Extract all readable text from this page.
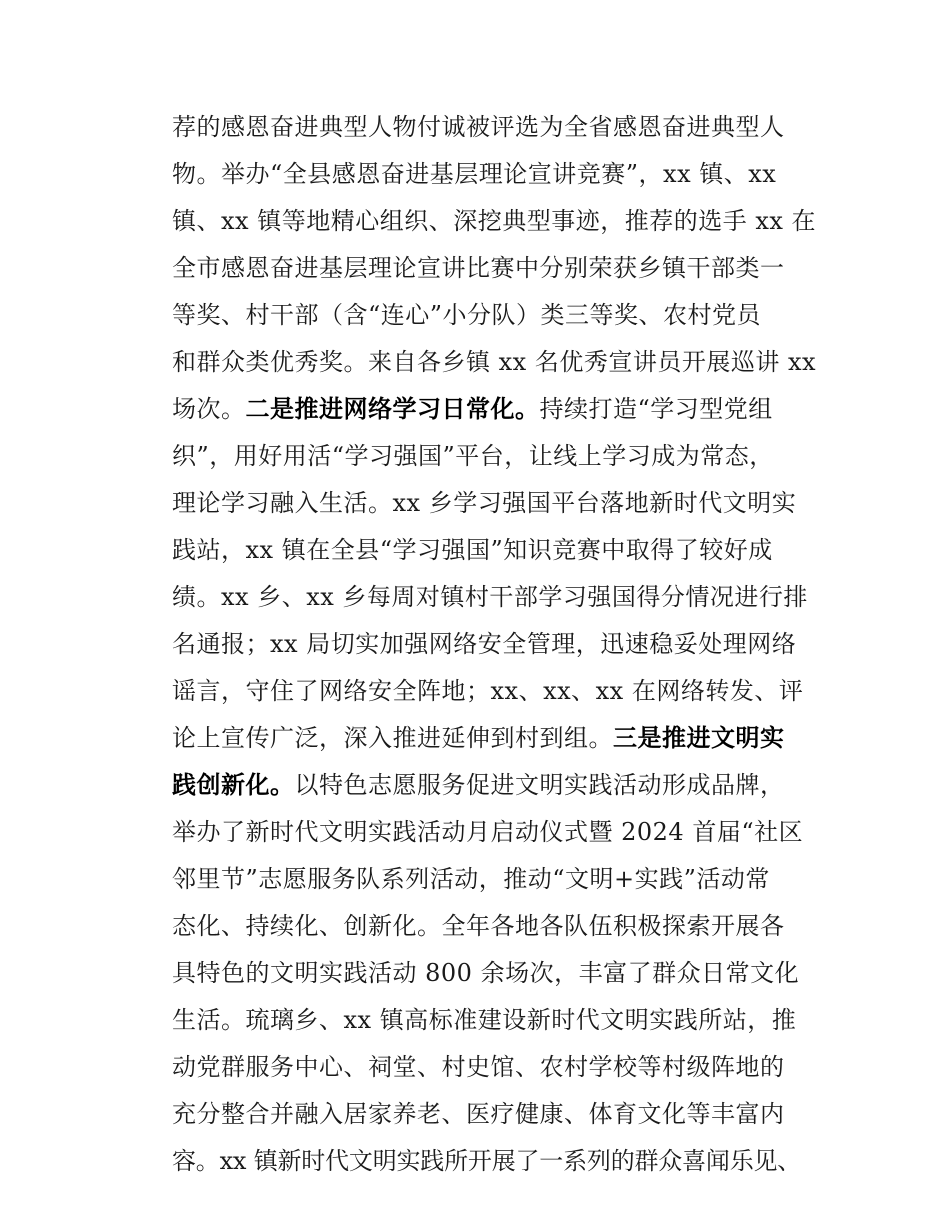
荐的感恩奋进典型人物付诚被评选为全省感恩奋进典型人
物。举办“全县感恩奋进基层理论宣讲竞赛”，xx 镇、xx
镇、xx 镇等地精心组织、深挖典型事迹，推荐的选手 xx 在
全市感恩奋进基层理论宣讲比赛中分别荣获乡镇干部类一
等奖、村干部（含“连心”小分队）类三等奖、农村党员
和群众类优秀奖。来自各乡镇 xx 名优秀宣讲员开展巡讲 xx
场次。二是推进网络学习日常化。持续打造“学习型党组
织”，用好用活“学习强国”平台，让线上学习成为常态，
理论学习融入生活。xx 乡学习强国平台落地新时代文明实
践站，xx 镇在全县“学习强国”知识竞赛中取得了较好成
绩。xx 乡、xx 乡每周对镇村干部学习强国得分情况进行排
名通报；xx 局切实加强网络安全管理，迅速稳妥处理网络
谣言，守住了网络安全阵地；xx、xx、xx 在网络转发、评
论上宣传广泛，深入推进延伸到村到组。三是推进文明实
践创新化。以特色志愿服务促进文明实践活动形成品牌，
举办了新时代文明实践活动月启动仪式暨 2024 首届“社区
邻里节”志愿服务队系列活动，推动“文明+实践”活动常
态化、持续化、创新化。全年各地各队伍积极探索开展各
具特色的文明实践活动 800 余场次，丰富了群众日常文化
生活。琉璃乡、xx 镇高标准建设新时代文明实践所站，推
动党群服务中心、祠堂、村史馆、农村学校等村级阵地的
充分整合并融入居家养老、医疗健康、体育文化等丰富内
容。xx 镇新时代文明实践所开展了一系列的群众喜闻乐见、
